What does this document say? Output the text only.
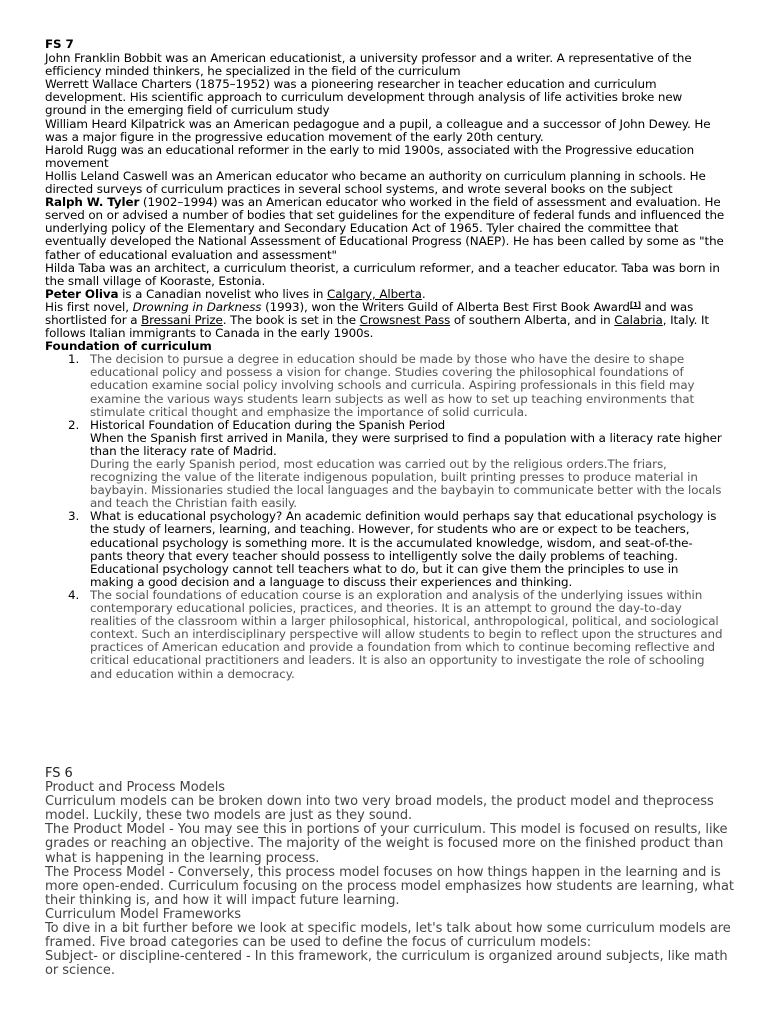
FS 7

John Franklin Bobbit was an American educationist, a university professor and a writer. A representative of the efficiency minded thinkers, he specialized in the field of the curriculum

Werrett Wallace Charters (1875–1952) was a pioneering researcher in teacher education and curriculum development. His scientific approach to curriculum development through analysis of life activities broke new ground in the emerging field of curriculum study

William Heard Kilpatrick was an American pedagogue and a pupil, a colleague and a successor of John Dewey. He was a major figure in the progressive education movement of the early 20th century.

Harold Rugg was an educational reformer in the early to mid 1900s, associated with the Progressive education movement

Hollis Leland Caswell was an American educator who became an authority on curriculum planning in schools. He directed surveys of curriculum practices in several school systems, and wrote several books on the subject

Ralph W. Tyler (1902–1994) was an American educator who worked in the field of assessment and evaluation. He served on or advised a number of bodies that set guidelines for the expenditure of federal funds and influenced the underlying policy of the Elementary and Secondary Education Act of 1965. Tyler chaired the committee that eventually developed the National Assessment of Educational Progress (NAEP). He has been called by some as "the father of educational evaluation and assessment"

Hilda Taba was an architect, a curriculum theorist, a curriculum reformer, and a teacher educator. Taba was born in the small village of Kooraste, Estonia.

Peter Oliva is a Canadian novelist who lives in Calgary, Alberta.

His first novel, Drowning in Darkness (1993), won the Writers Guild of Alberta Best First Book Award[1] and was shortlisted for a Bressani Prize. The book is set in the Crowsnest Pass of southern Alberta, and in Calabria, Italy. It follows Italian immigrants to Canada in the early 1900s.

Foundation of curriculum

1. The decision to pursue a degree in education should be made by those who have the desire to shape educational policy and possess a vision for change. Studies covering the philosophical foundations of education examine social policy involving schools and curricula. Aspiring professionals in this field may examine the various ways students learn subjects as well as how to set up teaching environments that stimulate critical thought and emphasize the importance of solid curricula.
2. Historical Foundation of Education during the Spanish Period
When the Spanish first arrived in Manila, they were surprised to find a population with a literacy rate higher than the literacy rate of Madrid.
During the early Spanish period, most education was carried out by the religious orders.The friars, recognizing the value of the literate indigenous population, built printing presses to produce material in baybayin. Missionaries studied the local languages and the baybayin to communicate better with the locals and teach the Christian faith easily.
3. What is educational psychology? An academic definition would perhaps say that educational psychology is the study of learners, learning, and teaching. However, for students who are or expect to be teachers, educational psychology is something more. It is the accumulated knowledge, wisdom, and seat-of-the-pants theory that every teacher should possess to intelligently solve the daily problems of teaching. Educational psychology cannot tell teachers what to do, but it can give them the principles to use in making a good decision and a language to discuss their experiences and thinking.
4. The social foundations of education course is an exploration and analysis of the underlying issues within contemporary educational policies, practices, and theories. It is an attempt to ground the day-to-day realities of the classroom within a larger philosophical, historical, anthropological, political, and sociological context. Such an interdisciplinary perspective will allow students to begin to reflect upon the structures and practices of American education and provide a foundation from which to continue becoming reflective and critical educational practitioners and leaders. It is also an opportunity to investigate the role of schooling and education within a democracy.

FS 6

Product and Process Models

Curriculum models can be broken down into two very broad models, the product model and theprocess model. Luckily, these two models are just as they sound.

The Product Model - You may see this in portions of your curriculum. This model is focused on results, like grades or reaching an objective. The majority of the weight is focused more on the finished product than what is happening in the learning process.

The Process Model - Conversely, this process model focuses on how things happen in the learning and is more open-ended. Curriculum focusing on the process model emphasizes how students are learning, what their thinking is, and how it will impact future learning.

Curriculum Model Frameworks

To dive in a bit further before we look at specific models, let's talk about how some curriculum models are framed. Five broad categories can be used to define the focus of curriculum models:

Subject- or discipline-centered - In this framework, the curriculum is organized around subjects, like math or science.
